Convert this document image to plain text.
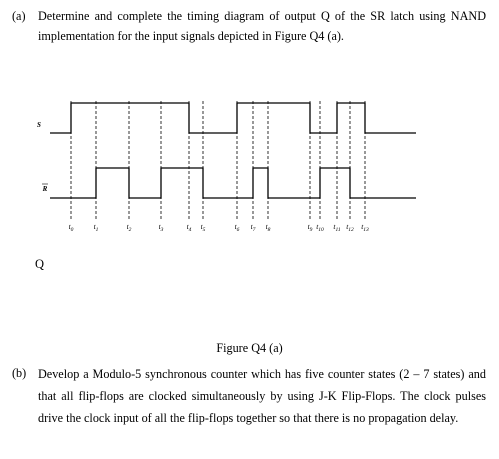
(a) Determine and complete the timing diagram of output Q of the SR latch using NAND implementation for the input signals depicted in Figure Q4 (a).
S
R
$t_0$	$t_1$	$t_2$	$t_3$	$t_4$ $t_5$	$t_6$ $t_7$ $t_8$	$t_9$ $t_{10}$ $t_{11}$ $t_{12}$ $t_{13}$
Q
Figure Q4 (a)
(b) Develop a Modulo-5 synchronous counter which has five counter states (2 – 7 states) and that all flip-flops are clocked simultaneously by using J-K Flip-Flops. The clock pulses drive the clock input of all the flip-flops together so that there is no propagation delay.
